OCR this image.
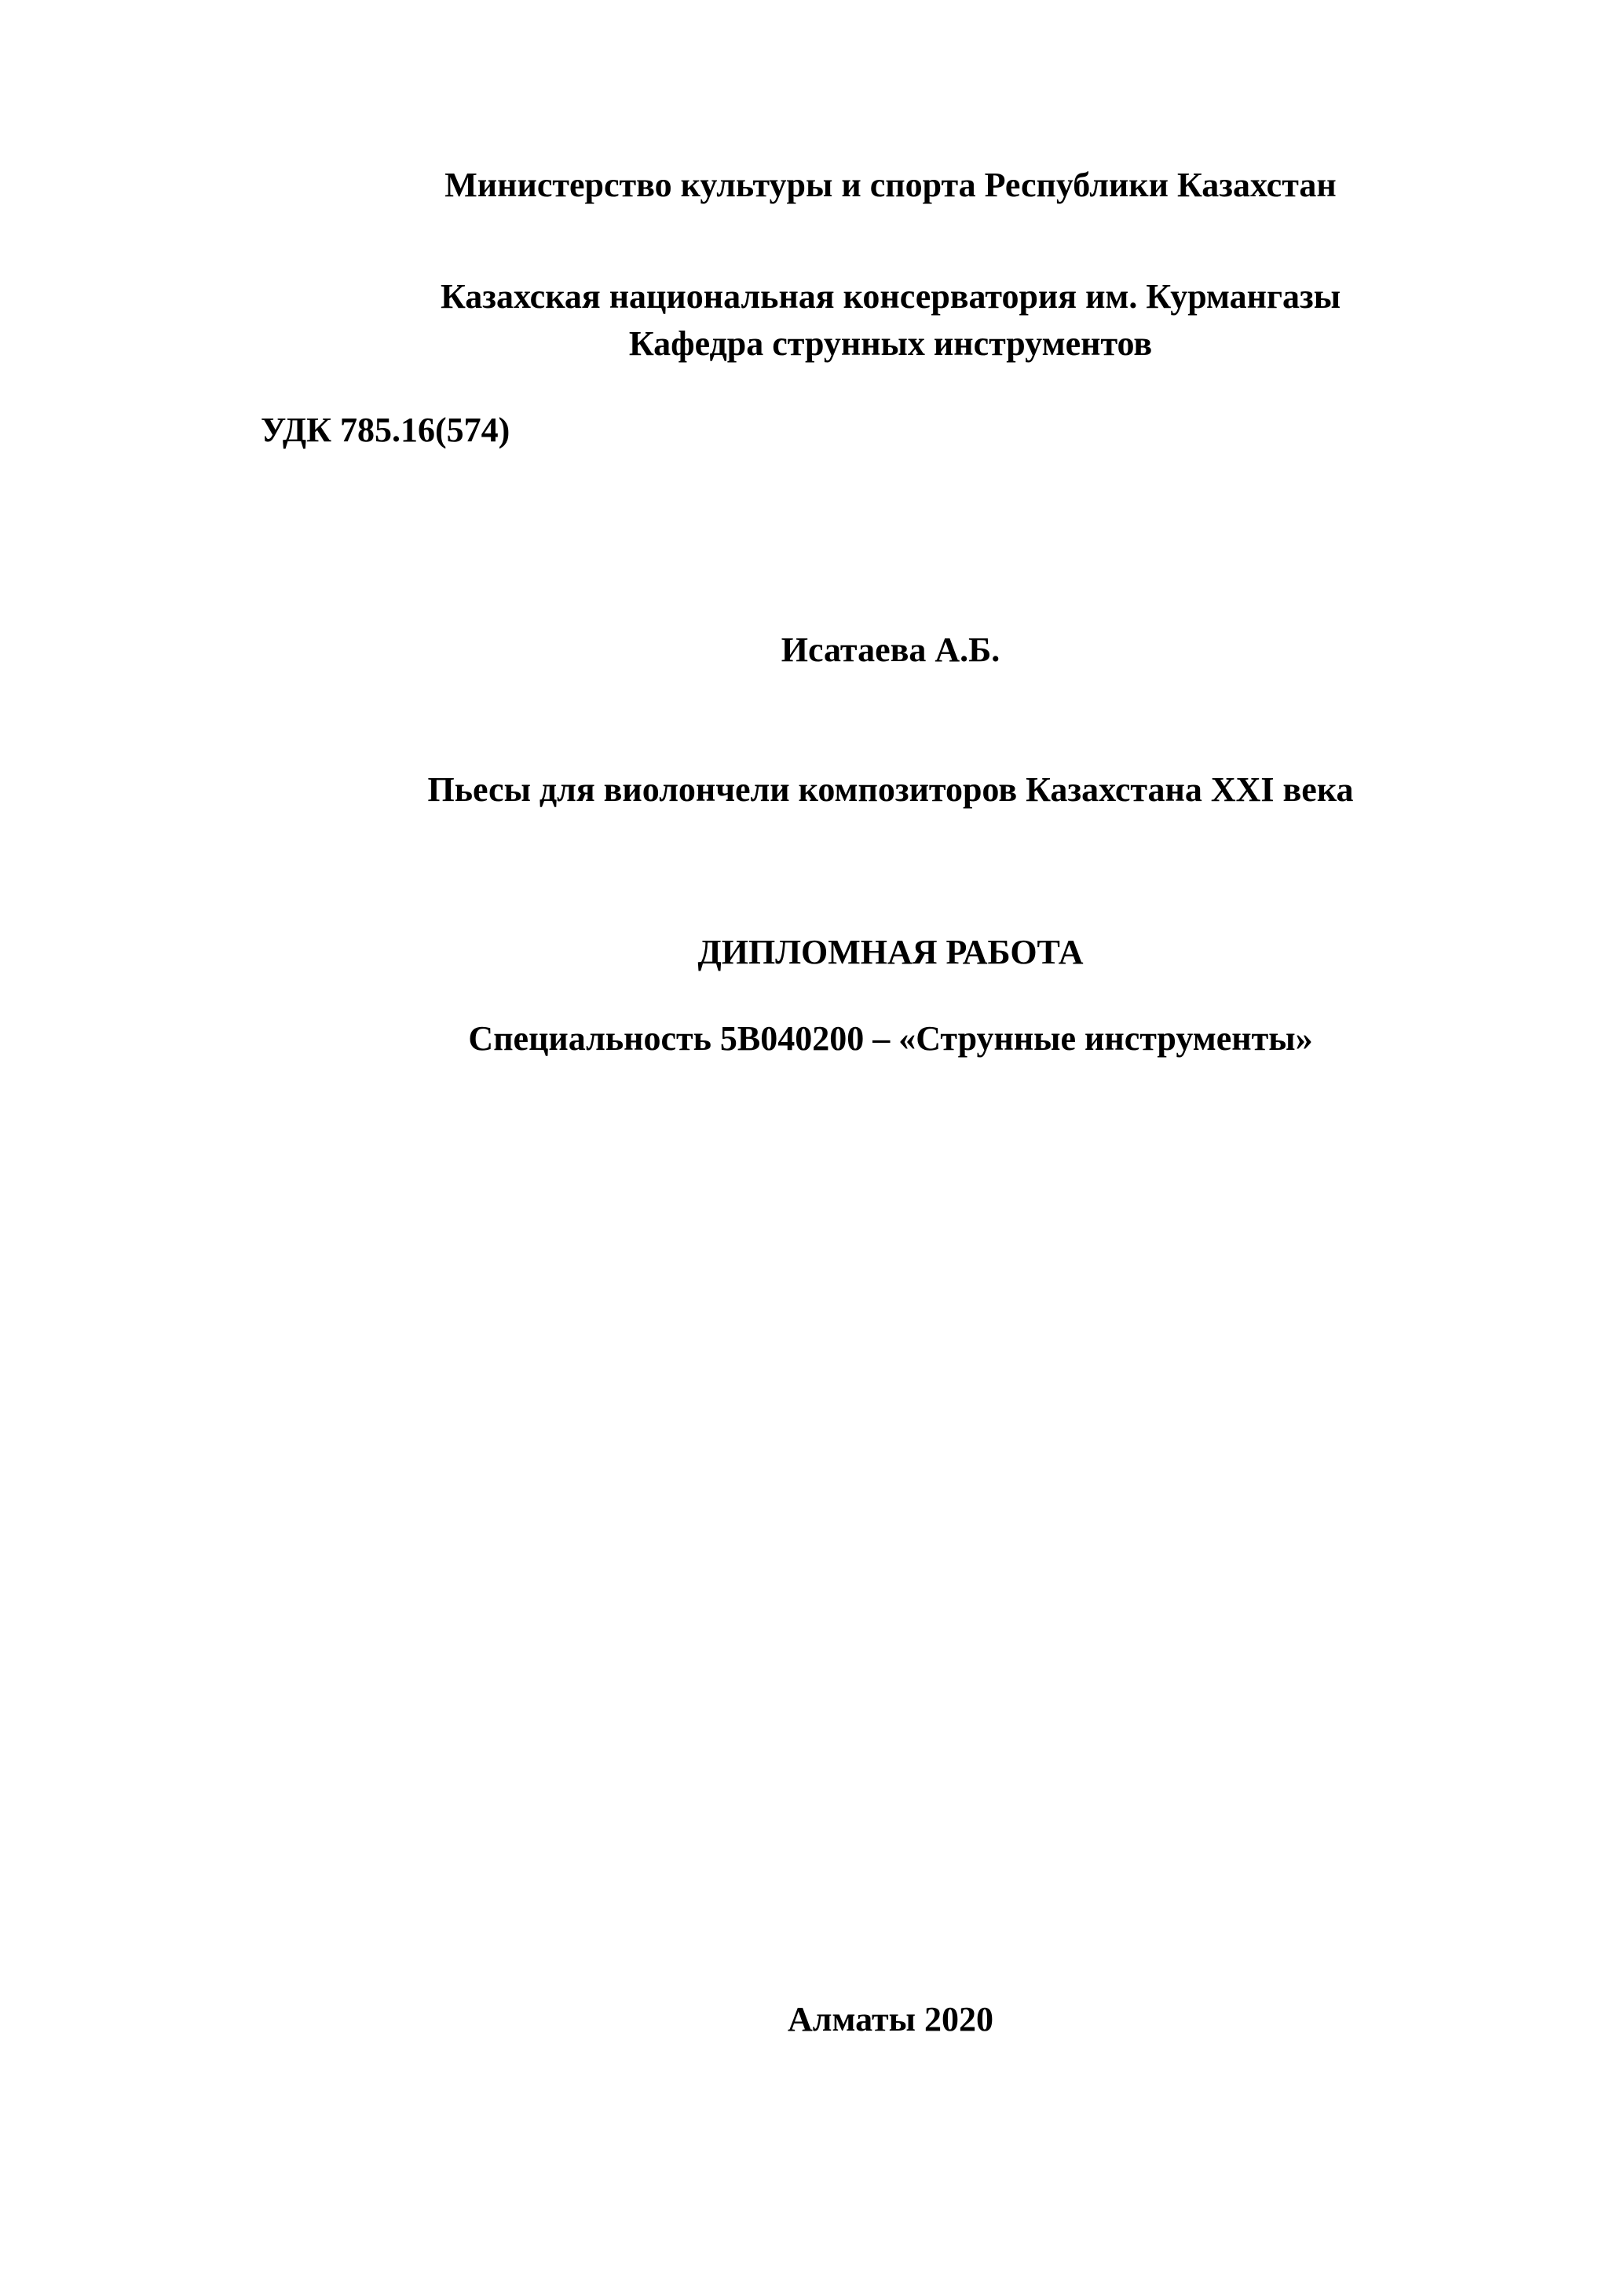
Министерство культуры и спорта Республики Казахстан

Казахская национальная консерватория им. Курмангазы

Кафедра струнных инструментов

УДК 785.16(574)

Исатаева А.Б.

Пьесы для виолончели композиторов Казахстана XXI века

ДИПЛОМНАЯ РАБОТА

Специальность 5В040200 – «Струнные инструменты»

Алматы 2020
